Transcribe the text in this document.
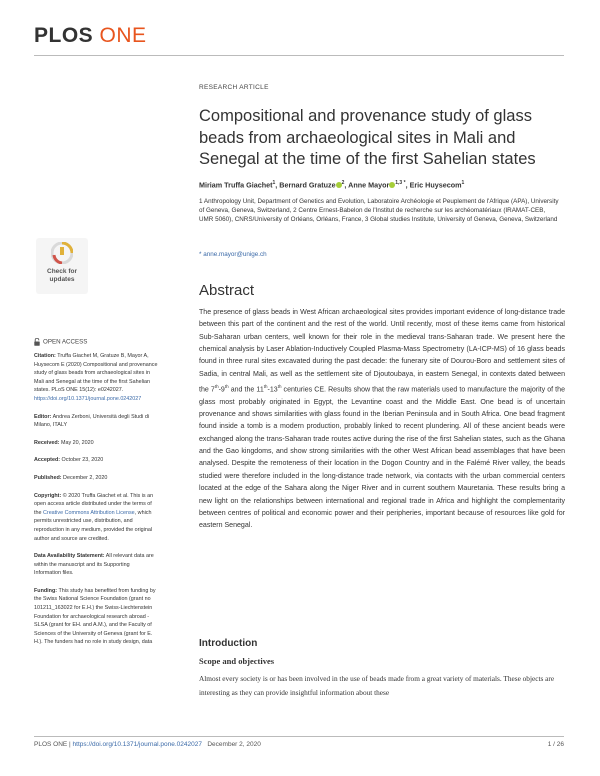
PLOS ONE
RESEARCH ARTICLE
Compositional and provenance study of glass beads from archaeological sites in Mali and Senegal at the time of the first Sahelian states
Miriam Truffa Giachet$^1$, Bernard Gratuze $^2$, Anne Mayor $^{1,3 *}$, Eric Huysecom$^1$
1 Anthropology Unit, Department of Genetics and Evolution, Laboratoire Archéologie et Peuplement de l'Afrique (APA), University of Geneva, Geneva, Switzerland, 2 Centre Ernest-Babelon de l'Institut de recherche sur les archéomatériaux (IRAMAT-CEB, UMR 5060), CNRS/University of Orléans, Orléans, France, 3 Global studies Institute, University of Geneva, Geneva, Switzerland
* anne.mayor@unige.ch
Abstract

The presence of glass beads in West African archaeological sites provides important evidence of long-distance trade between this part of the continent and the rest of the world. Until recently, most of these items came from historical Sub-Saharan urban centers, well known for their role in the medieval trans-Saharan trade. We present here the chemical analysis by Laser Ablation-Inductively Coupled Plasma-Mass Spectrometry (LA-ICP-MS) of 16 glass beads found in three rural sites excavated during the past decade: the funerary site of Dourou-Boro and settlement sites of Sadia, in central Mali, as well as the settlement site of Djoutoubaya, in eastern Senegal, in contexts dated between the 7th-9th and the 11th-13th centuries CE. Results show that the raw materials used to manufacture the majority of the glass most probably originated in Egypt, the Levantine coast and the Middle East. One bead is of uncertain provenance and shows similarities with glass found in the Iberian Peninsula and in South Africa. One bead fragment found inside a tomb is a modern production, probably linked to recent plundering. All of these ancient beads were exchanged along the trans-Saharan trade routes active during the rise of the first Sahelian states, such as the Ghana and the Gao kingdoms, and show strong similarities with the other West African bead assemblages that have been analysed. Despite the remoteness of their location in the Dogon Country and in the Falémé River valley, the beads studied were therefore included in the long-distance trade network, via contacts with the urban commercial centers located at the edge of the Sahara along the Niger River and in current southern Mauretania. These results bring a new light on the relationships between international and regional trade in Africa and highlight the complementarity between centres of political and economic power and their peripheries, important because of resources like gold for eastern Senegal.

Introduction
Scope and objectives

Almost every society is or has been involved in the use of beads made from a great variety of materials. These objects are interesting as they can provide insightful information about these

Check for
updates
OPEN ACCESS

Citation: Truffa Giachet M, Gratuze B, Mayor A, Huysecom E (2020) Compositional and provenance study of glass beads from archaeological sites in Mali and Senegal at the time of the first Sahelian states. PLoS ONE 15(12): e0242027. https://doi.org/10.1371/journal.pone.0242027

Editor: Andrea Zerboni, Università degli Studi di Milano, ITALY

Received: May 20, 2020

Accepted: October 23, 2020

Published: December 2, 2020

Copyright: © 2020 Truffa Giachet et al. This is an open access article distributed under the terms of the Creative Commons Attribution License, which permits unrestricted use, distribution, and reproduction in any medium, provided the original author and source are credited.

Data Availability Statement: All relevant data are within the manuscript and its Supporting Information files.

Funding: This study has benefited from funding by the Swiss National Science Foundation (grant no 101211_163022 for E.H.) the Swiss-Liechtenstein Foundation for archaeological research abroad - SLSA (grant for EH. and A.M.), and the Faculty of Sciences of the University of Geneva (grant for E. H.). The funders had no role in study design, data

PLOS ONE | https://doi.org/10.1371/journal.pone.0242027 December 2, 2020	1 / 26
